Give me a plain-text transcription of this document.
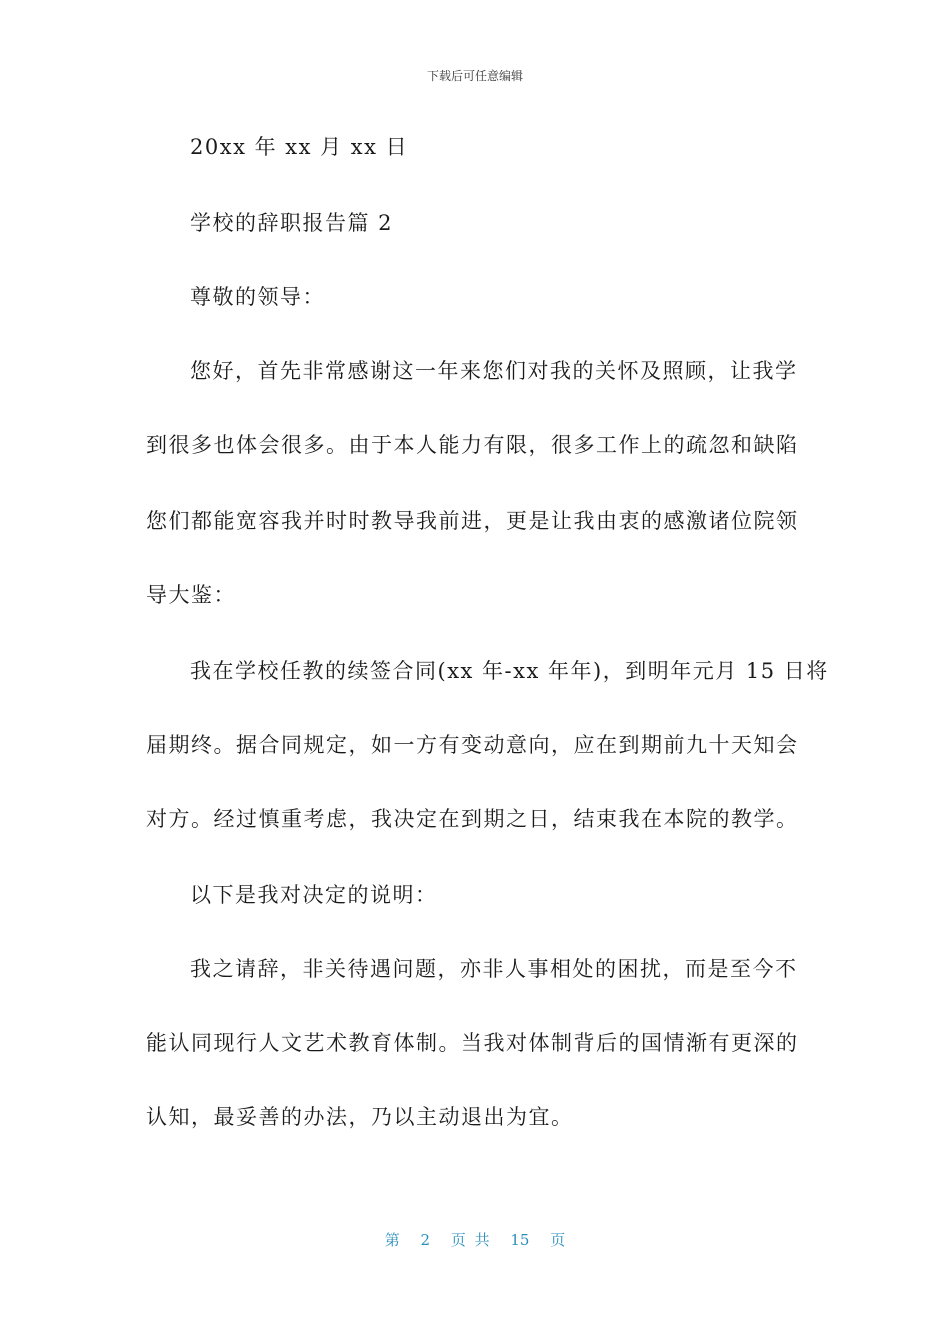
下载后可任意编辑
20xx 年 xx 月 xx 日
学校的辞职报告篇 2
尊敬的领导：
您好，首先非常感谢这一年来您们对我的关怀及照顾，让我学
到很多也体会很多。由于本人能力有限，很多工作上的疏忽和缺陷
您们都能宽容我并时时教导我前进，更是让我由衷的感激诸位院领
导大鉴：
我在学校任教的续签合同(xx 年-xx 年年)，到明年元月 15 日将
届期终。据合同规定，如一方有变动意向，应在到期前九十天知会
对方。经过慎重考虑，我决定在到期之日，结束我在本院的教学。
以下是我对决定的说明：
我之请辞，非关待遇问题，亦非人事相处的困扰，而是至今不
能认同现行人文艺术教育体制。当我对体制背后的国情渐有更深的
认知，最妥善的办法，乃以主动退出为宜。
第 2 页 共 15 页
